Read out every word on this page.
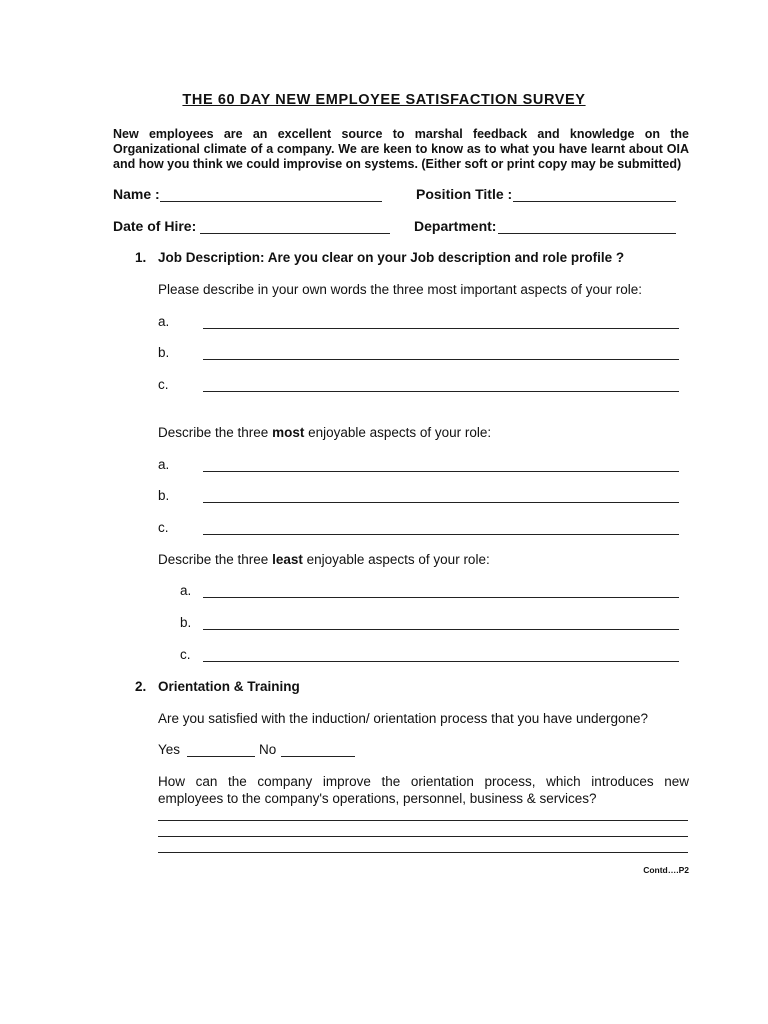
THE 60 DAY NEW EMPLOYEE SATISFACTION SURVEY
New employees are an excellent source to marshal feedback and knowledge on the Organizational climate of a company. We are keen to know as to what you have learnt about OIA and how you think we could improvise on systems. (Either soft or print copy may be submitted)
Name :	Position Title :
Date of Hire:	Department:
1. Job Description: Are you clear on your Job description and role profile ?
Please describe in your own words the three most important aspects of your role:
a.
b.
c.
Describe the three most enjoyable aspects of your role:
a.
b.
c.
Describe the three least enjoyable aspects of your role:
a.
b.
c.
2. Orientation & Training
Are you satisfied with the induction/ orientation process that you have undergone?
Yes	No
How can the company improve the orientation process, which introduces new employees to the company's operations, personnel, business & services?
Contd….P2
